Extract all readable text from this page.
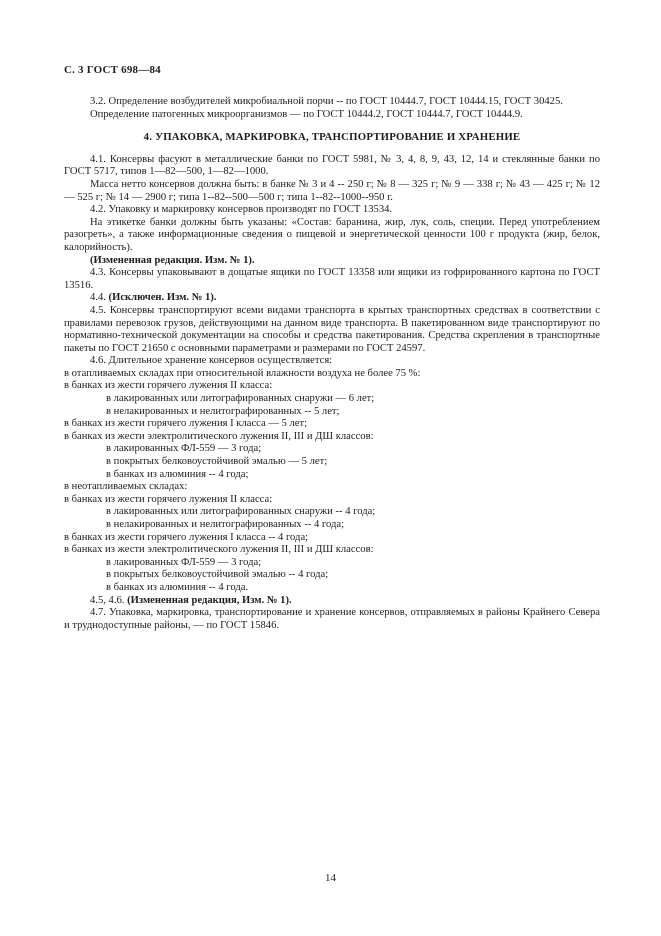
С. 3 ГОСТ 698—84

3.2. Определение возбудителей микробиальной порчи -- по ГОСТ 10444.7, ГОСТ 10444.15, ГОСТ 30425.

Определение патогенных микроорганизмов — по ГОСТ 10444.2, ГОСТ 10444.7, ГОСТ 10444.9.

4. УПАКОВКА, МАРКИРОВКА, ТРАНСПОРТИРОВАНИЕ И ХРАНЕНИЕ

4.1. Консервы фасуют в металлические банки по ГОСТ 5981, № 3, 4, 8, 9, 43, 12, 14 и стеклянные банки по ГОСТ 5717, типов 1—82—500, 1—82—1000.

Масса нетто консервов должна быть: в банке № 3 и 4 -- 250 г; № 8 — 325 г; № 9 — 338 г; № 43 — 425 г; № 12 — 525 г; № 14 — 2900 г; типа 1--82--500—500 г; типа 1--82--1000--950 г.

4.2. Упаковку и маркировку консервов производят по ГОСТ 13534.

На этикетке банки должны быть указаны: «Состав: баранина, жир, лук, соль, специи. Перед употреблением разогреть», а также информационные сведения о пищевой и энергетической ценности 100 г продукта (жир, белок, калорийность).

(Измененная редакция. Изм. № 1).

4.3. Консервы упаковывают в дощатые ящики по ГОСТ 13358 или ящики из гофрированного картона по ГОСТ 13516.

4.4. (Исключен. Изм. № 1).

4.5. Консервы транспортируют всеми видами транспорта в крытых транспортных средствах в соответствии с правилами перевозок грузов, действующими на данном виде транспорта. В пакетированном виде транспортируют по нормативно-технической документации на способы и средства пакетирования. Средства скрепления в транспортные пакеты по ГОСТ 21650 с основными параметрами и размерами по ГОСТ 24597.

4.6. Длительное хранение консервов осуществляется:

в отапливаемых складах при относительной влажности воздуха не более 75 %:

в банках из жести горячего лужения II класса:

в лакированных или литографированных снаружи — 6 лет;

в нелакированных и нелитографированных -- 5 лет;

в банках из жести горячего лужения I класса — 5 лет;

в банках из жести электролитического лужения II, III и ДШ классов:

в лакированных ФЛ-559 — 3 года;

в покрытых белковоустойчивой эмалью — 5 лет;

в банках из алюминия -- 4 года;

в неотапливаемых складах:

в банках из жести горячего лужения II класса:

в лакированных или литографированных снаружи -- 4 года;

в нелакированных и нелитографированных -- 4 года;

в банках из жести горячего лужения I класса -- 4 года;

в банках из жести электролитического лужения II, III и ДШ классов:

в лакированных ФЛ-559 — 3 года;

в покрытых белковоустойчивой эмалью -- 4 года;

в банках из алюминия -- 4 года.

4.5, 4.6. (Измененная редакция, Изм. № 1).

4.7. Упаковка, маркировка, транспортирование и хранение консервов, отправляемых в районы Крайнего Севера и труднодоступные районы, — по ГОСТ 15846.

14
